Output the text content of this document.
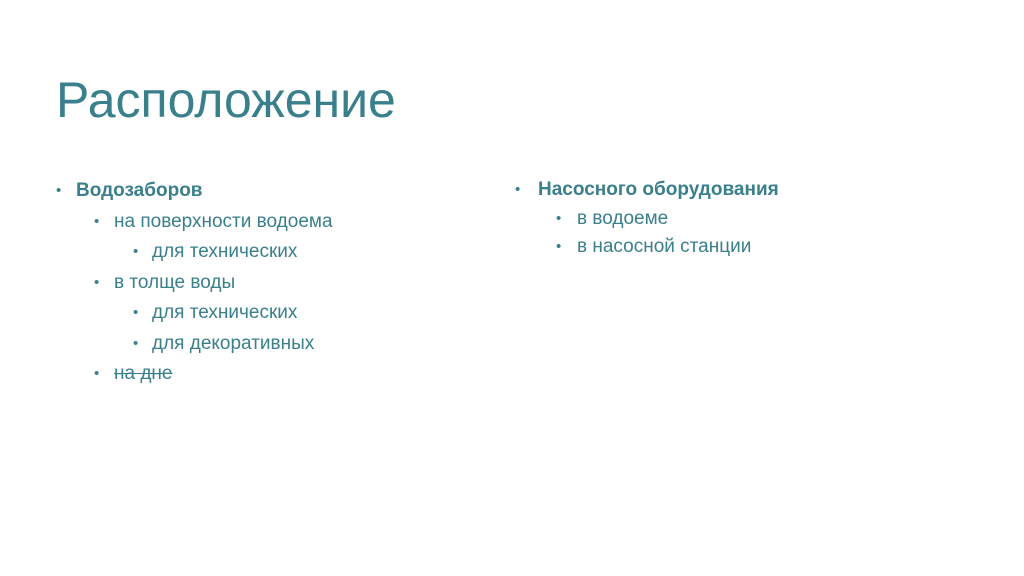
Расположение
• Водозаборов
• на поверхности водоема
• для технических
• в толще воды
• для технических
• для декоративных
• на дне
• Насосного оборудования
• в водоеме
• в насосной станции
